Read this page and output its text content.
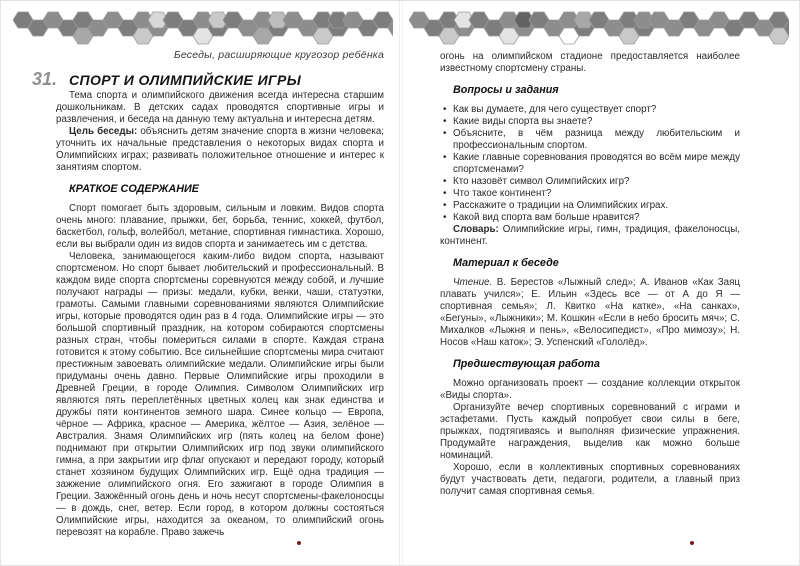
Беседы, расширяющие кругозор ребёнка
31. СПОРТ И ОЛИМПИЙСКИЕ ИГРЫ

Тема спорта и олимпийского движения всегда интересна старшим дошкольникам. В детских садах проводятся спортивные игры и развлечения, и беседа на данную тему актуальна и интересна детям.

Цель беседы: объяснить детям значение спорта в жизни человека; уточнить их начальные представления о некоторых видах спорта и Олимпийских играх; развивать положительное отношение и интерес к занятиям спортом.

КРАТКОЕ СОДЕРЖАНИЕ

Спорт помогает быть здоровым, сильным и ловким. Видов спорта очень много: плавание, прыжки, бег, борьба, теннис, хоккей, футбол, баскетбол, гольф, волейбол, метание, спортивная гимнастика. Хорошо, если вы выбрали один из видов спорта и занимаетесь им с детства.

Человека, занимающегося каким-либо видом спорта, называют спортсменом. Но спорт бывает любительский и профессиональный. В каждом виде спорта спортсмены соревнуются между собой, и лучшие получают награды — призы: медали, кубки, венки, чаши, статуэтки, грамоты. Самыми главными соревнованиями являются Олимпийские игры, которые проводятся один раз в 4 года. Олимпийские игры — это большой спортивный праздник, на котором собираются спортсмены разных стран, чтобы помериться силами в спорте. Каждая страна готовится к этому событию. Все сильнейшие спортсмены мира считают престижным завоевать олимпийские медали. Олимпийские игры были придуманы очень давно. Первые Олимпийские игры проходили в Древней Греции, в городе Олимпия. Символом Олимпийских игр являются пять переплетённых цветных колец как знак единства и дружбы пяти континентов земного шара. Синее кольцо — Европа, чёрное — Африка, красное — Америка, жёлтое — Азия, зелёное — Австралия. Знамя Олимпийских игр (пять колец на белом фоне) поднимают при открытии Олимпийских игр под звуки олимпийского гимна, а при закрытии игр флаг опускают и передают городу, который станет хозяином будущих Олимпийских игр. Ещё одна традиция — зажжение олимпийского огня. Его зажигают в городе Олимпия в Греции. Зажжённый огонь день и ночь несут спортсмены-факелоносцы — в дождь, снег, ветер. Если город, в котором должны состояться Олимпийские игры, находится за океаном, то олимпийский огонь перевозят на корабле. Право зажечь

огонь на олимпийском стадионе предоставляется наиболее известному спортсмену страны.

Вопросы и задания
• Как вы думаете, для чего существует спорт?
• Какие виды спорта вы знаете?
• Объясните, в чём разница между любительским и профессиональным спортом.
• Какие главные соревнования проводятся во всём мире между спортсменами?
• Кто назовёт символ Олимпийских игр?
• Что такое континент?
• Расскажите о традиции на Олимпийских играх.
• Какой вид спорта вам больше нравится?

Словарь: Олимпийские игры, гимн, традиция, факелоносцы, континент.

Материал к беседе

Чтение. В. Берестов «Лыжный след»; А. Иванов «Как Заяц плавать учился»; Е. Ильин «Здесь все — от А до Я — спортивная семья»; Л. Квитко «На катке», «На санках», «Бегуны», «Лыжники»; М. Кошкин «Если в небо бросить мяч»; С. Михалков «Лыжня и пень», «Велосипедист», «Про мимозу»; Н. Носов «Наш каток»; Э. Успенский «Гололёд».

Предшествующая работа

Можно организовать проект — создание коллекции открыток «Виды спорта».

Организуйте вечер спортивных соревнований с играми и эстафетами. Пусть каждый попробует свои силы в беге, прыжках, подтягиваясь и выполняя физические упражнения. Продумайте награждения, выделив как можно больше номинаций.

Хорошо, если в коллективных спортивных соревнованиях будут участвовать дети, педагоги, родители, а главный приз получит самая спортивная семья.
